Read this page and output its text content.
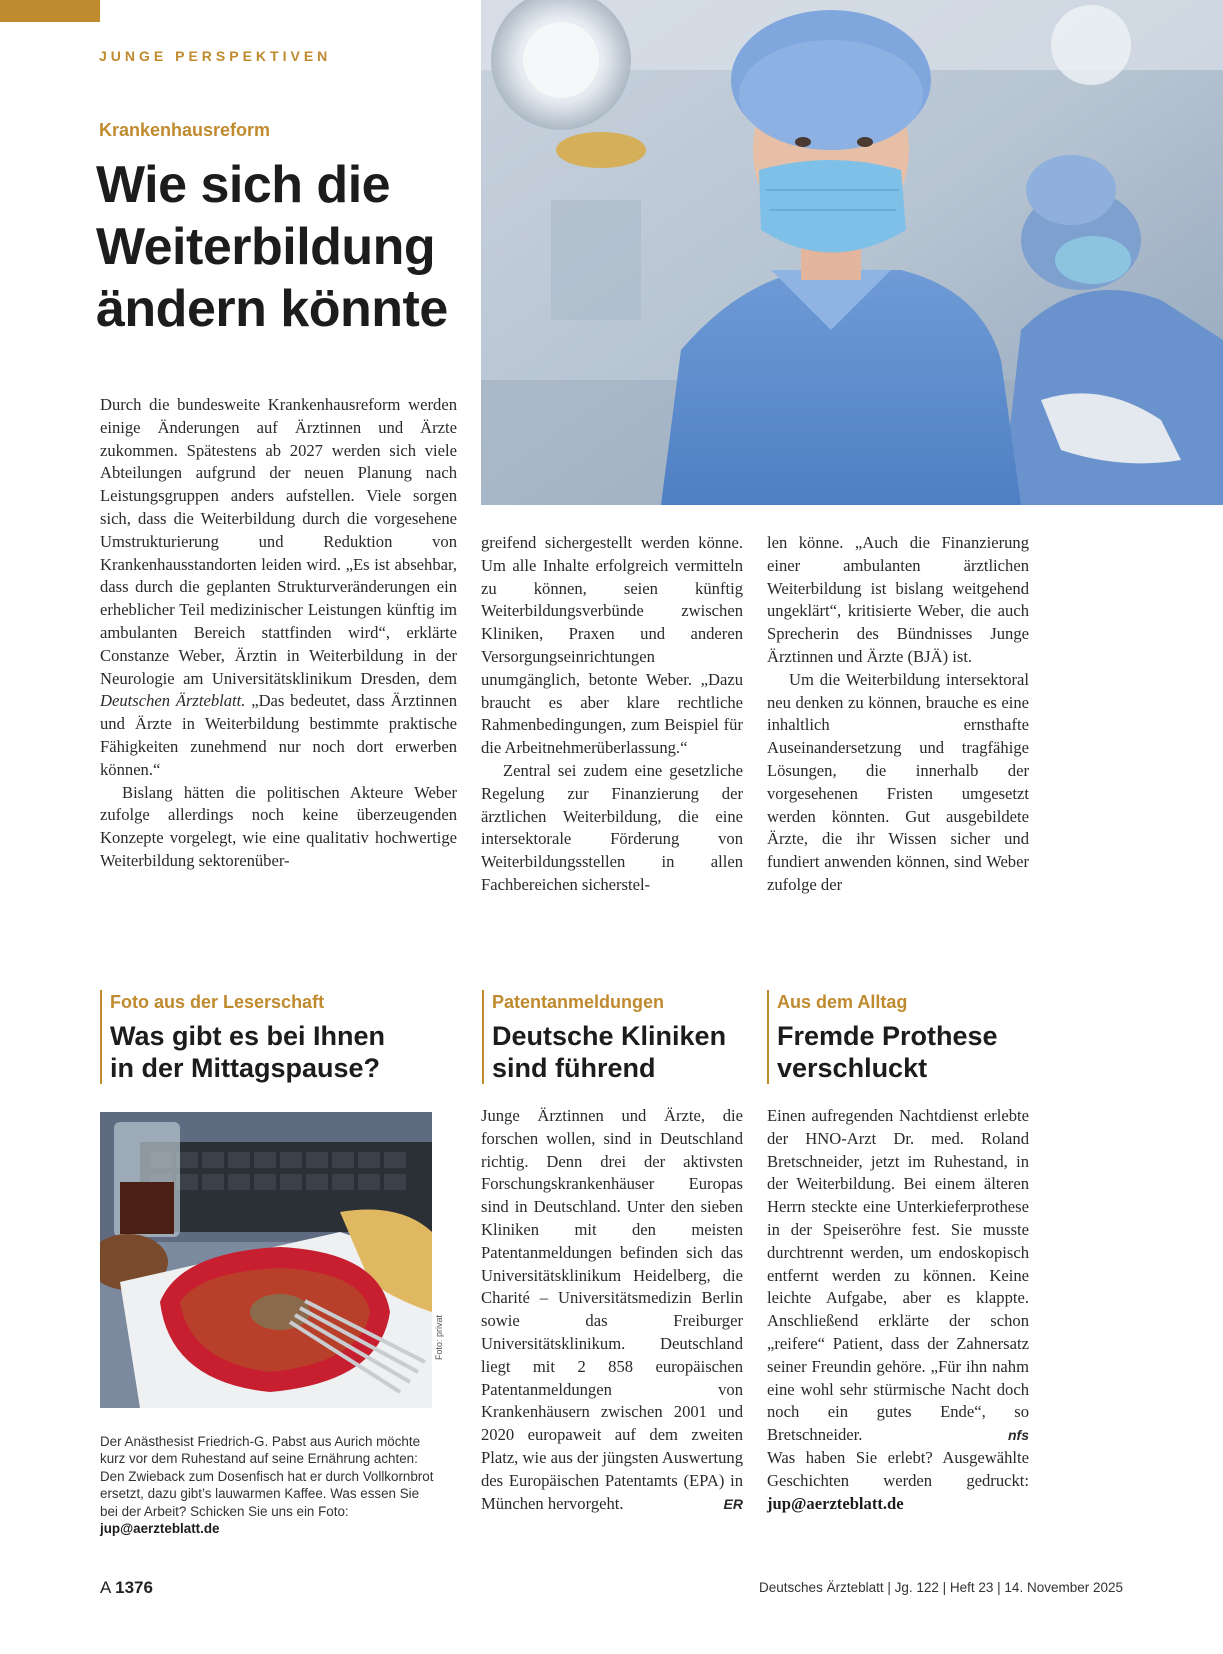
JUNGE PERSPEKTIVEN
Krankenhausreform
Wie sich die
Weiterbildung
ändern könnte

Durch die bundesweite Krankenhausreform werden einige Änderungen auf Ärztinnen und Ärzte zukommen. Spätestens ab 2027 werden sich viele Abteilungen aufgrund der neuen Planung nach Leistungsgruppen anders aufstellen. Viele sorgen sich, dass die Weiterbildung durch die vorgesehene Umstrukturierung und Reduktion von Krankenhausstandorten leiden wird. „Es ist absehbar, dass durch die geplanten Strukturveränderungen ein erheblicher Teil medizinischer Leistungen künftig im ambulanten Bereich stattfinden wird“, erklärte Constanze Weber, Ärztin in Weiterbildung in der Neurologie am Universitätsklinikum Dresden, dem Deutschen Ärzteblatt. „Das bedeutet, dass Ärztinnen und Ärzte in Weiterbildung bestimmte praktische Fähigkeiten zunehmend nur noch dort erwerben können.“

Bislang hätten die politischen Akteure Weber zufolge allerdings noch keine überzeugenden Konzepte vorgelegt, wie eine qualitativ hochwertige Weiterbildung sektorenüber-

greifend sichergestellt werden könne. Um alle Inhalte erfolgreich vermitteln zu können, seien künftig Weiterbildungsverbünde zwischen Kliniken, Praxen und anderen Versorgungseinrichtungen unumgänglich, betonte Weber. „Dazu braucht es aber klare rechtliche Rahmenbedingungen, zum Beispiel für die Arbeitnehmerüberlassung.“

Zentral sei zudem eine gesetzliche Regelung zur Finanzierung der ärztlichen Weiterbildung, die eine intersektorale Förderung von Weiterbildungsstellen in allen Fachbereichen sicherstel-

len könne. „Auch die Finanzierung einer ambulanten ärztlichen Weiterbildung ist bislang weitgehend ungeklärt“, kritisierte Weber, die auch Sprecherin des Bündnisses Junge Ärztinnen und Ärzte (BJÄ) ist.

Um die Weiterbildung intersektoral neu denken zu können, brauche es eine inhaltlich ernsthafte Auseinandersetzung und tragfähige Lösungen, die innerhalb der vorgesehenen Fristen umgesetzt werden könnten. Gut ausgebildete Ärzte, die ihr Wissen sicher und fundiert anwenden können, sind Weber zufolge der

Foto aus der Leserschaft
Was gibt es bei Ihnen
in der Mittagspause?
Foto: privat
Der Anästhesist Friedrich-G. Pabst aus Aurich möchte kurz vor dem Ruhestand auf seine Ernährung achten: Den Zwieback zum Dosenfisch hat er durch Vollkornbrot ersetzt, dazu gibt’s lauwarmen Kaffee. Was essen Sie bei der Arbeit? Schicken Sie uns ein Foto:
jup@aerzteblatt.de
Patentanmeldungen
Deutsche Kliniken
sind führend
Junge Ärztinnen und Ärzte, die forschen wollen, sind in Deutschland richtig. Denn drei der aktivsten Forschungskrankenhäuser Europas sind in Deutschland. Unter den sieben Kliniken mit den meisten Patentanmeldungen befinden sich das Universitätsklinikum Heidelberg, die Charité – Universitätsmedizin Berlin sowie das Freiburger Universitätsklinikum. Deutschland liegt mit 2 858 europäischen Patentanmeldungen von Krankenhäusern zwischen 2001 und 2020 europaweit auf dem zweiten Platz, wie aus der jüngsten Auswertung des Europäischen Patentamts (EPA) in München hervorgeht.	ER
Aus dem Alltag
Fremde Prothese
verschluckt
Einen aufregenden Nachtdienst erlebte der HNO-Arzt Dr. med. Roland Bretschneider, jetzt im Ruhestand, in der Weiterbildung. Bei einem älteren Herrn steckte eine Unterkieferprothese in der Speiseröhre fest. Sie musste durchtrennt werden, um endoskopisch entfernt werden zu können. Keine leichte Aufgabe, aber es klappte. Anschließend erklärte der schon „reifere“ Patient, dass der Zahnersatz seiner Freundin gehöre. „Für ihn nahm eine wohl sehr stürmische Nacht doch noch ein gutes Ende“, so Bretschneider.	nfs

Was haben Sie erlebt? Ausgewählte Geschichten werden gedruckt: jup@aerzteblatt.de
A 1376	Deutsches Ärzteblatt | Jg. 122 | Heft 23 | 14. November 2025
